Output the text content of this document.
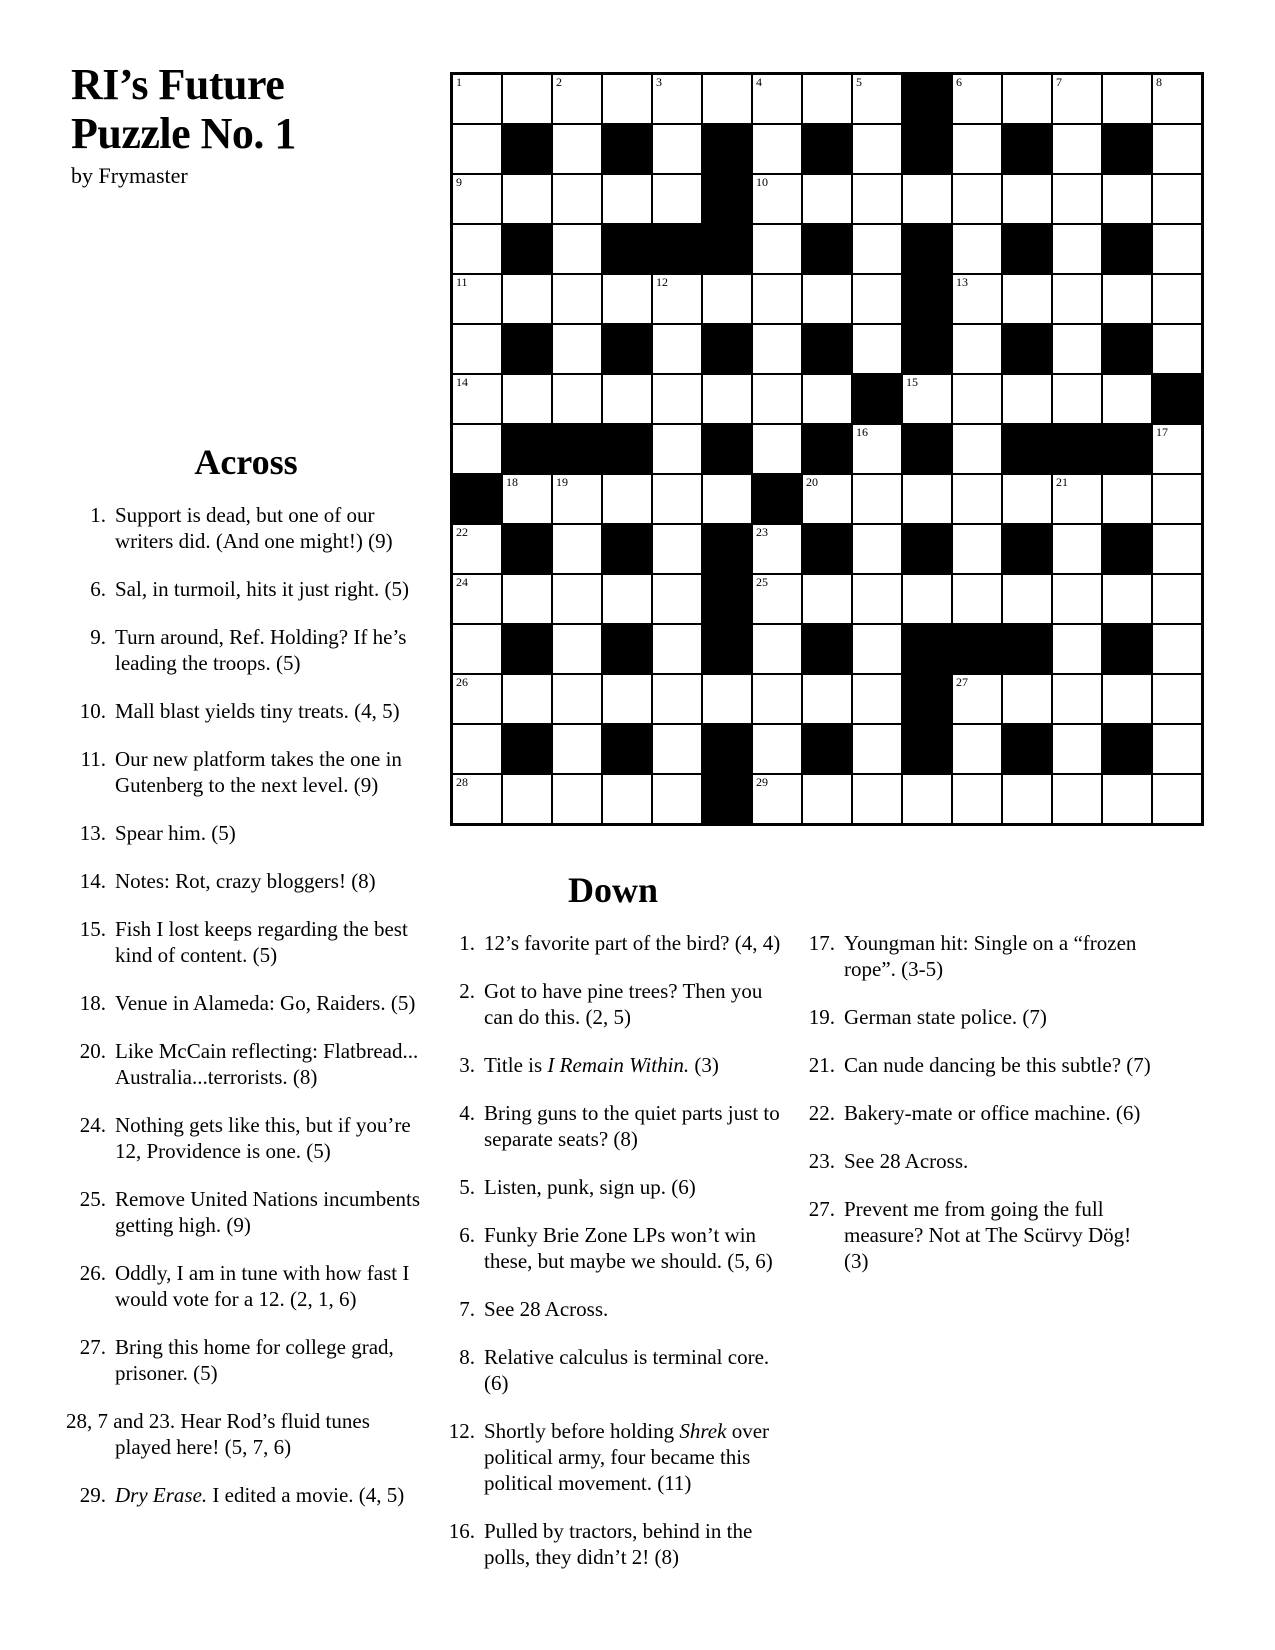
RI’s Future
Puzzle No. 1
by Frymaster
1	2	3	4	5	6	7	8
9	10
11	12	13
14	15
16	17
18	19	20	21
22	23
24	25
26	27
28	29
Across
1. Support is dead, but one of our writers did. (And one might!) (9)
6. Sal, in turmoil, hits it just right. (5)
9. Turn around, Ref. Holding? If he’s leading the troops. (5)
10. Mall blast yields tiny treats. (4, 5)
11. Our new platform takes the one in Gutenberg to the next level. (9)
13. Spear him. (5)
14. Notes: Rot, crazy bloggers! (8)
15. Fish I lost keeps regarding the best kind of content. (5)
18. Venue in Alameda: Go, Raiders. (5)
20. Like McCain reflecting: Flatbread... Australia...terrorists. (8)
24. Nothing gets like this, but if you’re 12, Providence is one. (5)
25. Remove United Nations incumbents getting high. (9)
26. Oddly, I am in tune with how fast I would vote for a 12. (2, 1, 6)
27. Bring this home for college grad, prisoner. (5)
28, 7 and 23. Hear Rod’s fluid tunes played here! (5, 7, 6)
29. Dry Erase. I edited a movie. (4, 5)
Down
1. 12’s favorite part of the bird? (4, 4)
2. Got to have pine trees? Then you can do this. (2, 5)
3. Title is I Remain Within. (3)
4. Bring guns to the quiet parts just to separate seats? (8)
5. Listen, punk, sign up. (6)
6. Funky Brie Zone LPs won’t win these, but maybe we should. (5, 6)
7. See 28 Across.
8. Relative calculus is terminal core. (6)
12. Shortly before holding Shrek over political army, four became this political movement. (11)
16. Pulled by tractors, behind in the polls, they didn’t 2! (8)
17. Youngman hit: Single on a “frozen rope”. (3-5)
19. German state police. (7)
21. Can nude dancing be this subtle? (7)
22. Bakery-mate or office machine. (6)
23. See 28 Across.
27. Prevent me from going the full measure? Not at The Scürvy Dög! (3)
